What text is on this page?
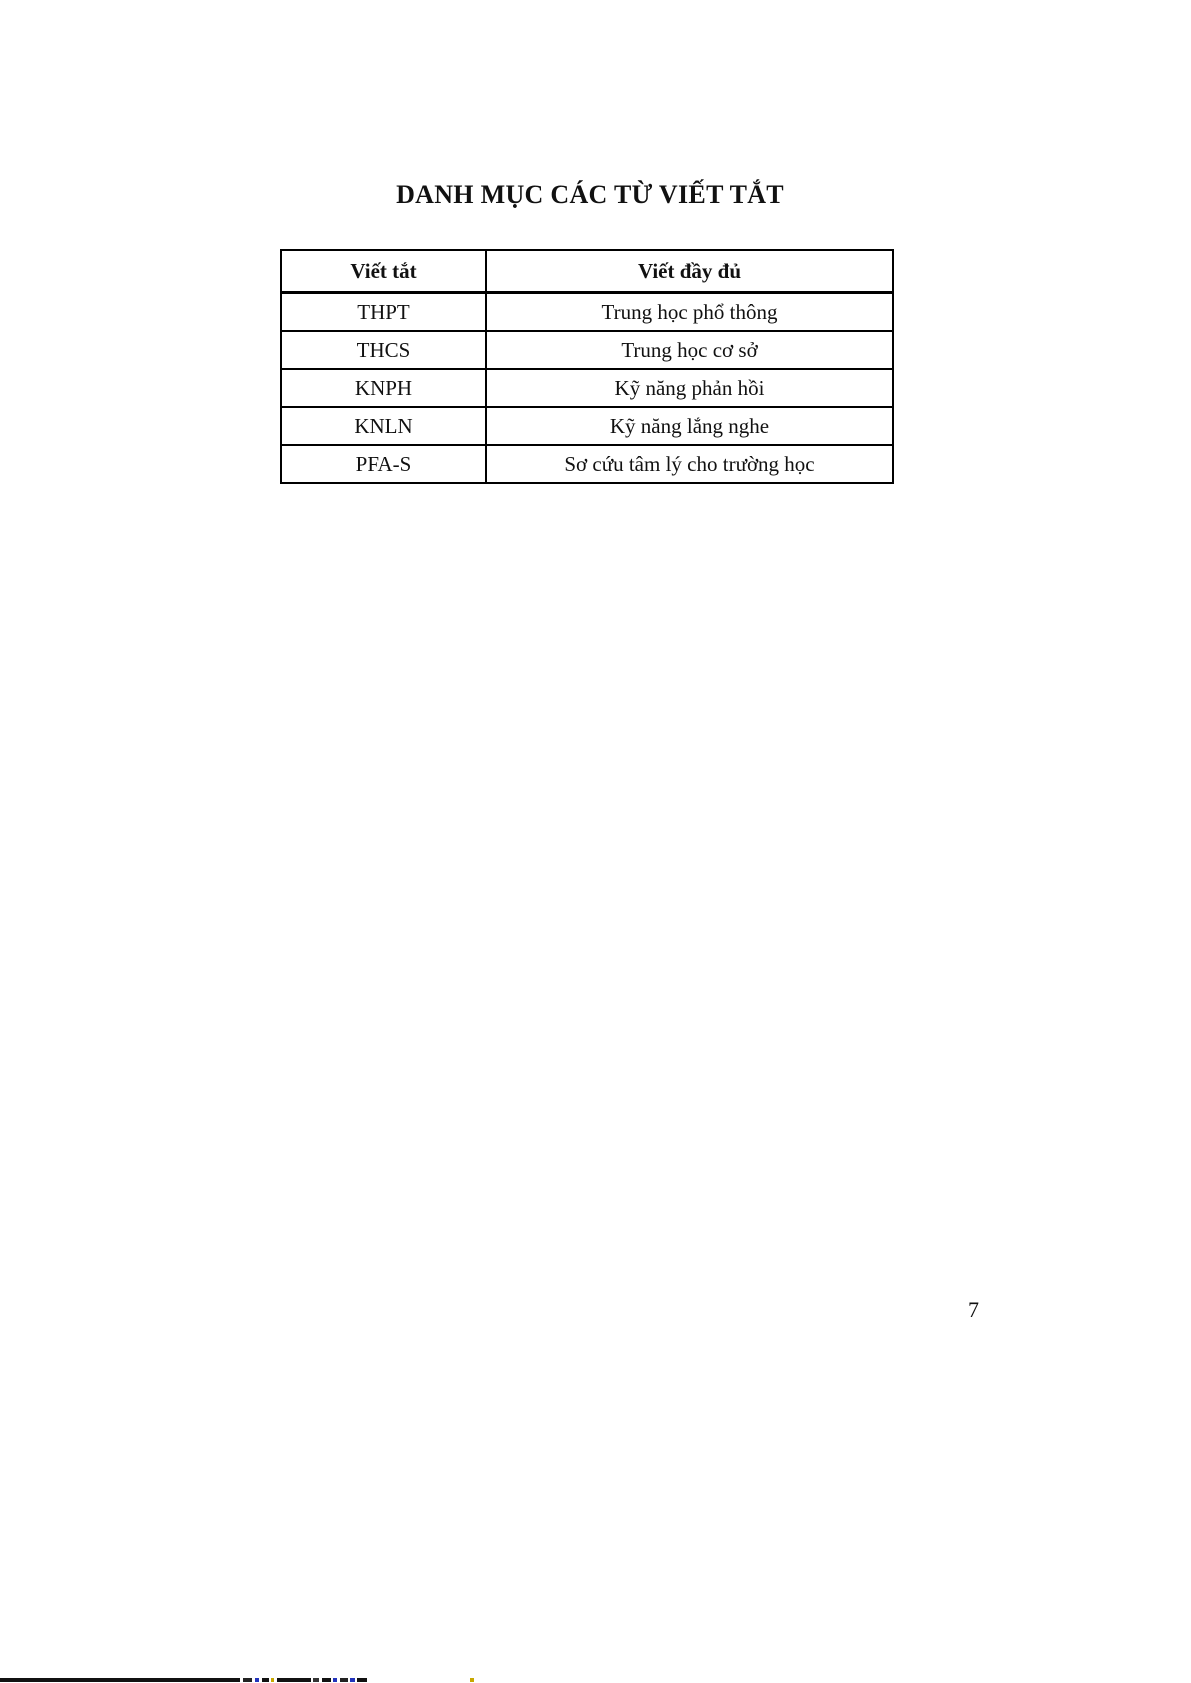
DANH MỤC CÁC TỪ VIẾT TẮT
Viết tắt	Viết đầy đủ
THPT	Trung học phổ thông
THCS	Trung học cơ sở
KNPH	Kỹ năng phản hồi
KNLN	Kỹ năng lắng nghe
PFA-S	Sơ cứu tâm lý cho trường học
7
